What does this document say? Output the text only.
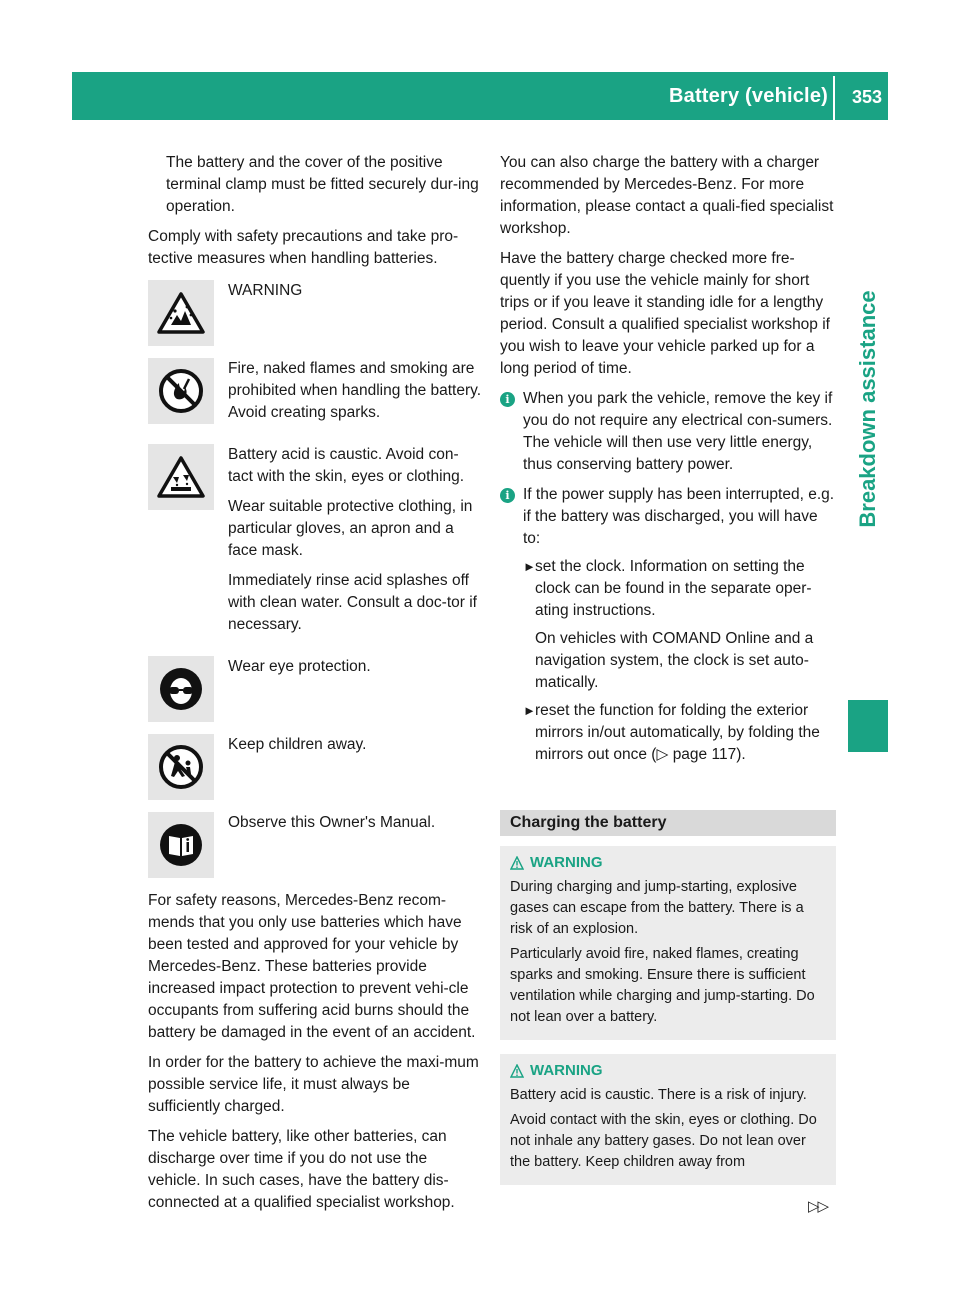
Battery (vehicle) 353
Breakdown assistance

The battery and the cover of the positive terminal clamp must be fitted securely dur-ing operation.

Comply with safety precautions and take pro-tective measures when handling batteries.

WARNING

Fire, naked flames and smoking are prohibited when handling the battery. Avoid creating sparks.

Battery acid is caustic. Avoid con-tact with the skin, eyes or clothing.

Wear suitable protective clothing, in particular gloves, an apron and a face mask.

Immediately rinse acid splashes off with clean water. Consult a doc-tor if necessary.

Wear eye protection.

Keep children away.

Observe this Owner's Manual.

For safety reasons, Mercedes-Benz recom-mends that you only use batteries which have been tested and approved for your vehicle by Mercedes-Benz. These batteries provide increased impact protection to prevent vehi-cle occupants from suffering acid burns should the battery be damaged in the event of an accident.

In order for the battery to achieve the maxi-mum possible service life, it must always be sufficiently charged.

The vehicle battery, like other batteries, can discharge over time if you do not use the vehicle. In such cases, have the battery dis-connected at a qualified specialist workshop.

You can also charge the battery with a charger recommended by Mercedes-Benz. For more information, please contact a quali-fied specialist workshop.

Have the battery charge checked more fre-quently if you use the vehicle mainly for short trips or if you leave it standing idle for a lengthy period. Consult a qualified specialist workshop if you wish to leave your vehicle parked up for a long period of time.

i When you park the vehicle, remove the key if you do not require any electrical con-sumers. The vehicle will then use very little energy, thus conserving battery power.
i If the power supply has been interrupted, e.g. if the battery was discharged, you will have to:
► set the clock. Information on setting the clock can be found in the separate oper-ating instructions.
On vehicles with COMAND Online and a navigation system, the clock is set auto-matically.
► reset the function for folding the exterior mirrors in/out automatically, by folding the mirrors out once (▷ page 117).
Charging the battery
WARNING

During charging and jump-starting, explosive gases can escape from the battery. There is a risk of an explosion.

Particularly avoid fire, naked flames, creating sparks and smoking. Ensure there is sufficient ventilation while charging and jump-starting. Do not lean over a battery.

WARNING

Battery acid is caustic. There is a risk of injury.

Avoid contact with the skin, eyes or clothing. Do not inhale any battery gases. Do not lean over the battery. Keep children away from

▷▷
